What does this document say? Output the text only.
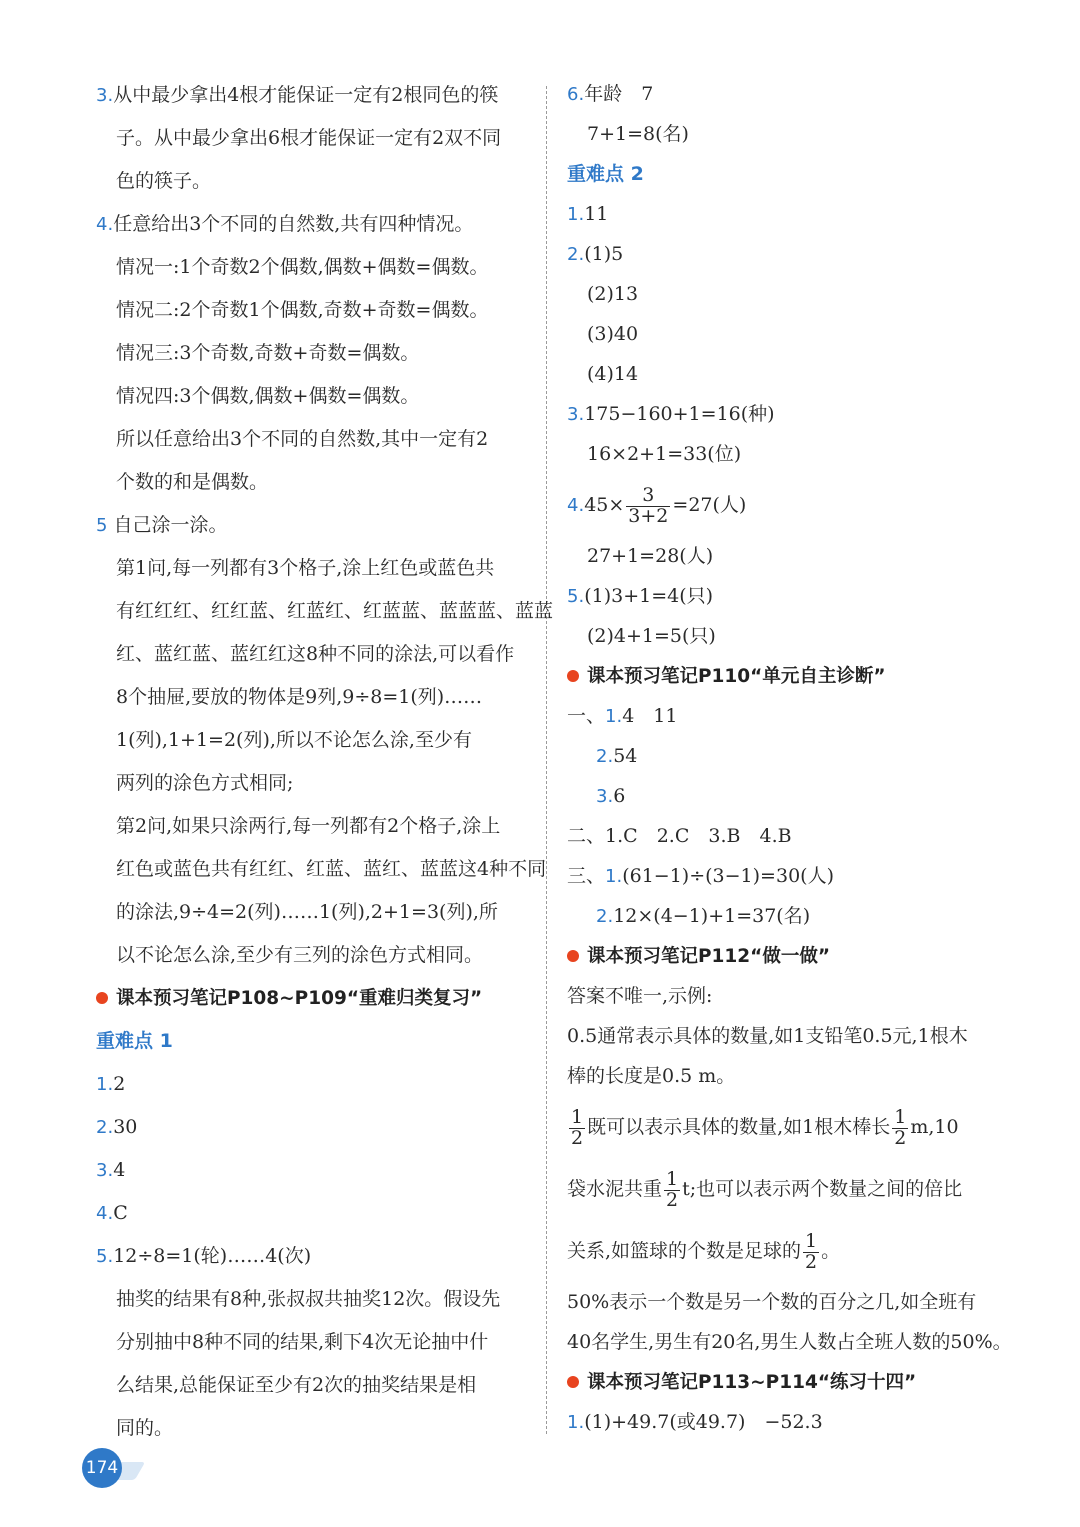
3.从中最少拿出4根才能保证一定有2根同色的筷
子。从中最少拿出6根才能保证一定有2双不同
色的筷子。
4.任意给出3个不同的自然数,共有四种情况。
情况一:1个奇数2个偶数,偶数+偶数=偶数。
情况二:2个奇数1个偶数,奇数+奇数=偶数。
情况三:3个奇数,奇数+奇数=偶数。
情况四:3个偶数,偶数+偶数=偶数。
所以任意给出3个不同的自然数,其中一定有2
个数的和是偶数。
5 自己涂一涂。
第1问,每一列都有3个格子,涂上红色或蓝色共
有红红红、红红蓝、红蓝红、红蓝蓝、蓝蓝蓝、蓝蓝
红、蓝红蓝、蓝红红这8种不同的涂法,可以看作
8个抽屉,要放的物体是9列,9÷8=1(列)……
1(列),1+1=2(列),所以不论怎么涂,至少有
两列的涂色方式相同;
第2问,如果只涂两行,每一列都有2个格子,涂上
红色或蓝色共有红红、红蓝、蓝红、蓝蓝这4种不同
的涂法,9÷4=2(列)……1(列),2+1=3(列),所
以不论怎么涂,至少有三列的涂色方式相同。
课本预习笔记P108~P109“重难归类复习”
重难点 1
1.2
2.30
3.4
4.C
5.12÷8=1(轮)……4(次)
抽奖的结果有8种,张叔叔共抽奖12次。假设先
分别抽中8种不同的结果,剩下4次无论抽中什
么结果,总能保证至少有2次的抽奖结果是相
同的。
6.年龄　7
7+1=8(名)
重难点 2
1.11
2.(1)5
(2)13
(3)40
(4)14
3.175−160+1=16(种)
16×2+1=33(位)
$4.45\times \frac{3}{3+2} =27$(人)
27+1=28(人)
5.(1)3+1=4(只)
(2)4+1=5(只)
课本预习笔记P110“单元自主诊断”
一、1.4　11
2.54
3.6
二、1.C　 2.C　 3.B　 4.B
三、1.(61−1)÷(3−1)=30(人)
2.12×(4−1)+1=37(名)
课本预习笔记P112“做一做”
答案不唯一,示例:
0.5通常表示具体的数量,如1支铅笔0.5元,1根木
棒的长度是0.5 m。
$\frac{1}{2}$ 既可以表示具体的数量,如1根木棒长 $\frac{1}{2} m,10$
袋水泥共重 $\frac{1}{2} t$;也可以表示两个数量之间的倍比
关系,如篮球的个数是足球的 $\frac{1}{2}$ 。
50%表示一个数是另一个数的百分之几,如全班有
40名学生,男生有20名,男生人数占全班人数的50%。
课本预习笔记P113~P114“练习十四”
1.(1)+49.7(或49.7)　−52.3
174
